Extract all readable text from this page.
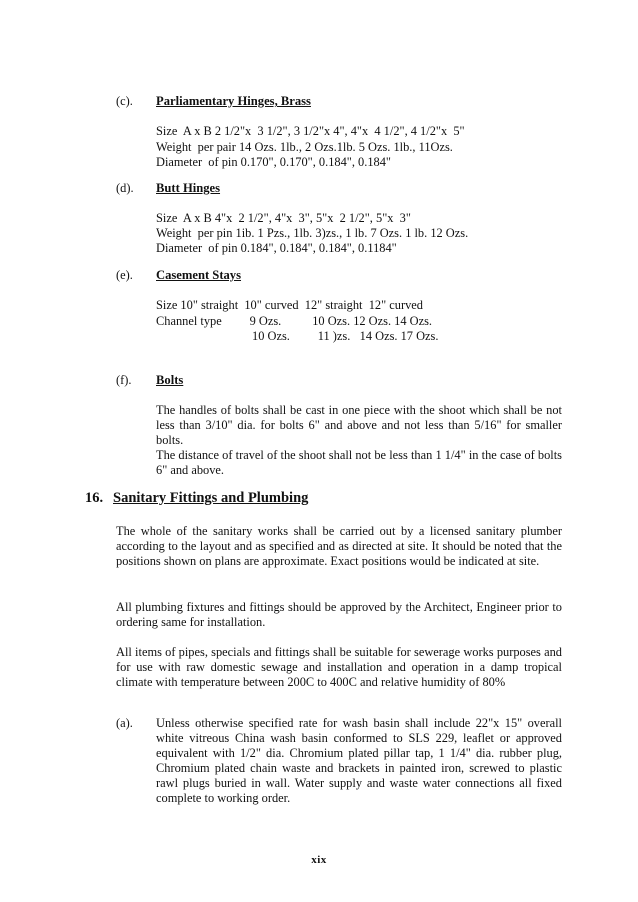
(c). Parliamentary Hinges, Brass
Size  A x B 2 1/2"x  3 1/2", 3 1/2"x 4", 4"x  4 1/2", 4 1/2"x  5"
Weight  per pair 14 Ozs. 1lb., 2 Ozs.1lb. 5 Ozs. 1lb., 11Ozs.
Diameter  of pin 0.170", 0.170", 0.184", 0.184"
(d). Butt Hinges
Size  A x B 4"x  2 1/2", 4"x  3", 5"x  2 1/2", 5"x  3"
Weight  per pin 1ib. 1 Pzs., 1lb. 3)zs., 1 lb. 7 Ozs. 1 lb. 12 Ozs.
Diameter  of pin 0.184", 0.184", 0.184", 0.1184"
(e). Casement Stays
Size 10" straight  10" curved  12" straight  12" curved
Channel type         9 Ozs.          10 Ozs. 12 Ozs. 14 Ozs.
10 Ozs.         11 )zs.   14 Ozs. 17 Ozs.
(f). Bolts
The handles of bolts shall be cast in one piece with the shoot which shall be not less than 3/10" dia. for bolts 6" and above and not less than 5/16" for smaller bolts.
The distance of travel of the shoot shall not be less than 1 1/4" in the case of bolts 6" and above.
16. Sanitary Fittings and Plumbing
The whole of the sanitary works shall be carried out by a licensed sanitary plumber according to the layout and as specified and as directed at site. It should be noted that the positions shown on plans are approximate. Exact positions would be indicated at site.
All plumbing fixtures and fittings should be approved by the Architect, Engineer prior to ordering same for installation.
All items of pipes, specials and fittings shall be suitable for sewerage works purposes and for use with raw domestic sewage and installation and operation in a damp tropical climate with temperature between 200C to 400C and relative humidity of 80%
(a). Unless otherwise specified rate for wash basin shall include 22"x 15" overall white vitreous China wash basin conformed to SLS 229, leaflet or approved equivalent with 1/2" dia. Chromium plated pillar tap, 1 1/4" dia. rubber plug, Chromium plated chain waste and brackets in painted iron, screwed to plastic rawl plugs buried in wall. Water supply and waste water connections all fixed complete to working order.
xix
